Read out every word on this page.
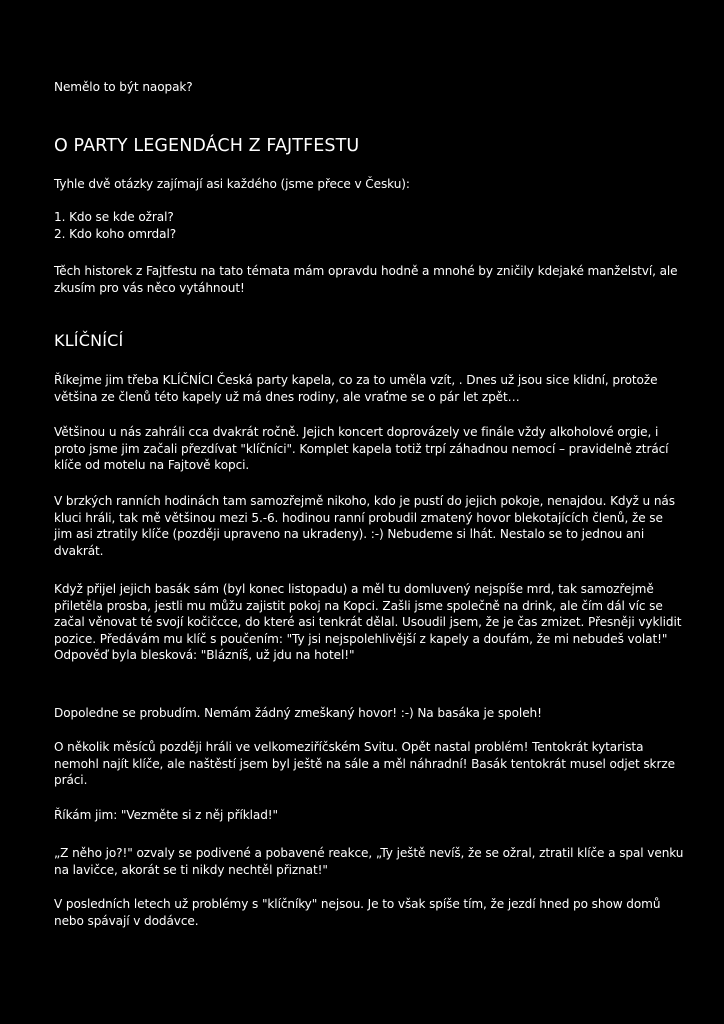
Nemělo to být naopak?

O PARTY LEGENDÁCH Z FAJTFESTU

Tyhle dvě otázky zajímají asi každého (jsme přece v Česku):

1. Kdo se kde ožral?

2. Kdo koho omrdal?

Těch historek z Fajtfestu na tato témata mám opravdu hodně a mnohé by zničily kdejaké manželství, ale zkusím pro vás něco vytáhnout!

KLÍČNÍCÍ

Říkejme jim třeba KLÍČNÍCI Česká party kapela, co za to uměla vzít, . Dnes už jsou sice klidní, protože většina ze členů této kapely už má dnes rodiny, ale vraťme se o pár let zpět…

Většinou u nás zahráli cca dvakrát ročně. Jejich koncert doprovázely ve finále vždy alkoholové orgie, i proto jsme jim začali přezdívat "klíčníci". Komplet kapela totiž trpí záhadnou nemocí – pravidelně ztrácí klíče od motelu na Fajtově kopci.

V brzkých ranních hodinách tam samozřejmě nikoho, kdo je pustí do jejich pokoje, nenajdou. Když u nás kluci hráli, tak mě většinou mezi 5.-6. hodinou ranní probudil zmatený hovor blekotajících členů, že se jim asi ztratily klíče (později upraveno na ukradeny). :-) Nebudeme si lhát. Nestalo se to jednou ani dvakrát.

Když přijel jejich basák sám (byl konec listopadu) a měl tu domluvený nejspíše mrd, tak samozřejmě přiletěla prosba, jestli mu můžu zajistit pokoj na Kopci. Zašli jsme společně na drink, ale čím dál víc se začal věnovat té svojí kočičcce, do které asi tenkrát dělal. Usoudil jsem, že je čas zmizet. Přesněji vyklidit pozice. Předávám mu klíč s poučením: "Ty jsi nejspolehlivější z kapely a doufám, že mi nebudeš volat!" Odpověď byla blesková: "Blázníš, už jdu na hotel!"

Dopoledne se probudím. Nemám žádný zmeškaný hovor! :-) Na basáka je spoleh!

O několik měsíců později hráli ve velkomeziříčském Svitu. Opět nastal problém! Tentokrát kytarista nemohl najít klíče, ale naštěstí jsem byl ještě na sále a měl náhradní! Basák tentokrát musel odjet skrze práci.

Říkám jim: "Vezměte si z něj příklad!"

„Z něho jo?!" ozvaly se podivené a pobavené reakce, „Ty ještě nevíš, že se ožral, ztratil klíče a spal venku na lavičce, akorát se ti nikdy nechtěl přiznat!"

V posledních letech už problémy s "klíčníky" nejsou. Je to však spíše tím, že jezdí hned po show domů nebo spávají v dodávce.
